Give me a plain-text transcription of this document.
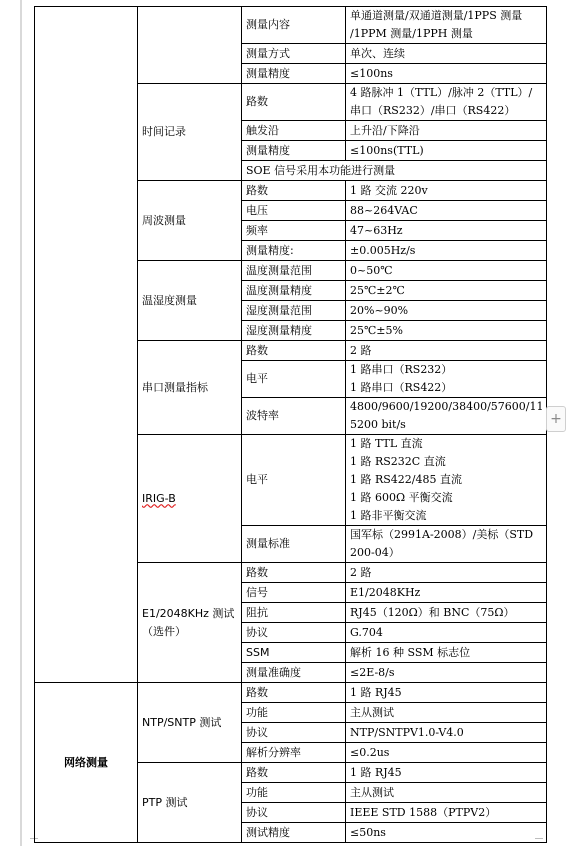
		测量内容	单通道测量/双通道测量/1PPS 测量
/1PPM 测量/1PPH 测量

		测量方式	单次、连续

		测量精度	≤100ns

	时间记录	路数	4 路脉冲 1（TTL）/脉冲 2（TTL）/
串口（RS232）/串口（RS422）

		触发沿	上升沿/下降沿

		测量精度	≤100ns(TTL)

		SOE 信号采用本功能进行测量	
	周波测量	路数	1 路 交流 220v

		电压	88~264VAC

		频率	47~63Hz

		测量精度:	±0.005Hz/s

	温湿度测量	温度测量范围	0~50℃

		温度测量精度	25℃±2℃

		湿度测量范围	20%~90%

		湿度测量精度	25℃±5%

	串口测量指标	路数	2 路

		电平	1 路串口（RS232）
1 路串口（RS422）

		波特率	4800/9600/19200/38400/57600/11
5200 bit/s

	IRIG-B	电平	1 路 TTL 直流
1 路 RS232C 直流
1 路 RS422/485 直流
1 路 600Ω 平衡交流
1 路非平衡交流

		测量标准	国军标（2991A-2008）/美标（STD
200-04）

	E1/2048KHz 测试（选件）	路数	2 路

		信号	E1/2048KHz

		阻抗	RJ45（120Ω）和 BNC（75Ω）

		协议	G.704

		SSM	解析 16 种 SSM 标志位

		测量准确度	≤2E-8/s

网络测量	NTP/SNTP 测试	路数	1 路 RJ45

		功能	主从测试

		协议	NTP/SNTPV1.0-V4.0

		解析分辨率	≤0.2us

	PTP 测试	路数	1 路 RJ45

		功能	主从测试

		协议	IEEE STD 1588（PTPV2）

		测试精度	≤50ns
+
